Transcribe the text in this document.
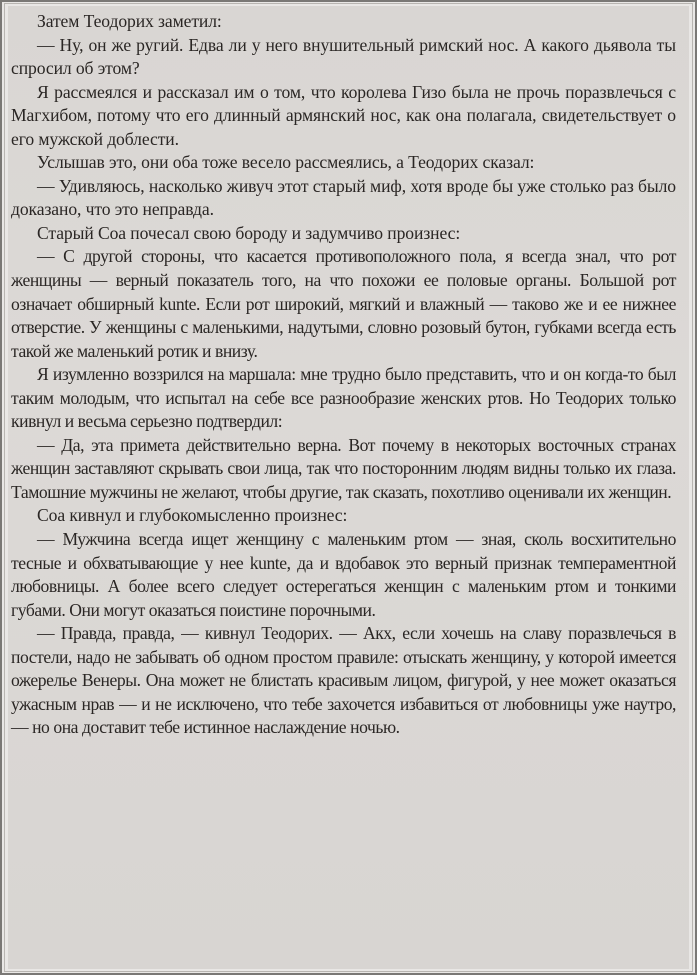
Затем Теодорих заметил:

— Ну, он же ругий. Едва ли у него внушительный римский нос. А какого дьявола ты спросил об этом?

Я рассмеялся и рассказал им о том, что королева Гизо была не прочь поразвлечься с Магхибом, потому что его длинный армянский нос, как она полагала, свидетельствует о его мужской доблести.

Услышав это, они оба тоже весело рассмеялись, а Теодорих сказал:

— Удивляюсь, насколько живуч этот старый миф, хотя вроде бы уже столько раз было доказано, что это неправда.

Старый Соа почесал свою бороду и задумчиво произнес:

— С другой стороны, что касается противоположного пола, я всегда знал, что рот женщины — верный показатель того, на что похожи ее половые органы. Большой рот означает обширный kunte. Если рот широкий, мягкий и влажный — таково же и ее нижнее отверстие. У женщины с маленькими, надутыми, словно розовый бутон, губками всегда есть такой же маленький ротик и внизу.

Я изумленно воззрился на маршала: мне трудно было представить, что и он когда-то был таким молодым, что испытал на себе все разнообразие женских ртов. Но Теодорих только кивнул и весьма серьезно подтвердил:

— Да, эта примета действительно верна. Вот почему в некоторых восточных странах женщин заставляют скрывать свои лица, так что посторонним людям видны только их глаза. Тамошние мужчины не желают, чтобы другие, так сказать, похотливо оценивали их женщин.

Соа кивнул и глубокомысленно произнес:

— Мужчина всегда ищет женщину с маленьким ртом — зная, сколь восхитительно тесные и обхватывающие у нее kunte, да и вдобавок это верный признак темпераментной любовницы. А более всего следует остерегаться женщин с маленьким ртом и тонкими губами. Они могут оказаться поистине порочными.

— Правда, правда, — кивнул Теодорих. — Акх, если хочешь на славу поразвлечься в постели, надо не забывать об одном простом правиле: отыскать женщину, у которой имеется ожерелье Венеры. Она может не блистать красивым лицом, фигурой, у нее может оказаться ужасным нрав — и не исключено, что тебе захочется избавиться от любовницы уже наутро, — но она доставит тебе истинное наслаждение ночью.
